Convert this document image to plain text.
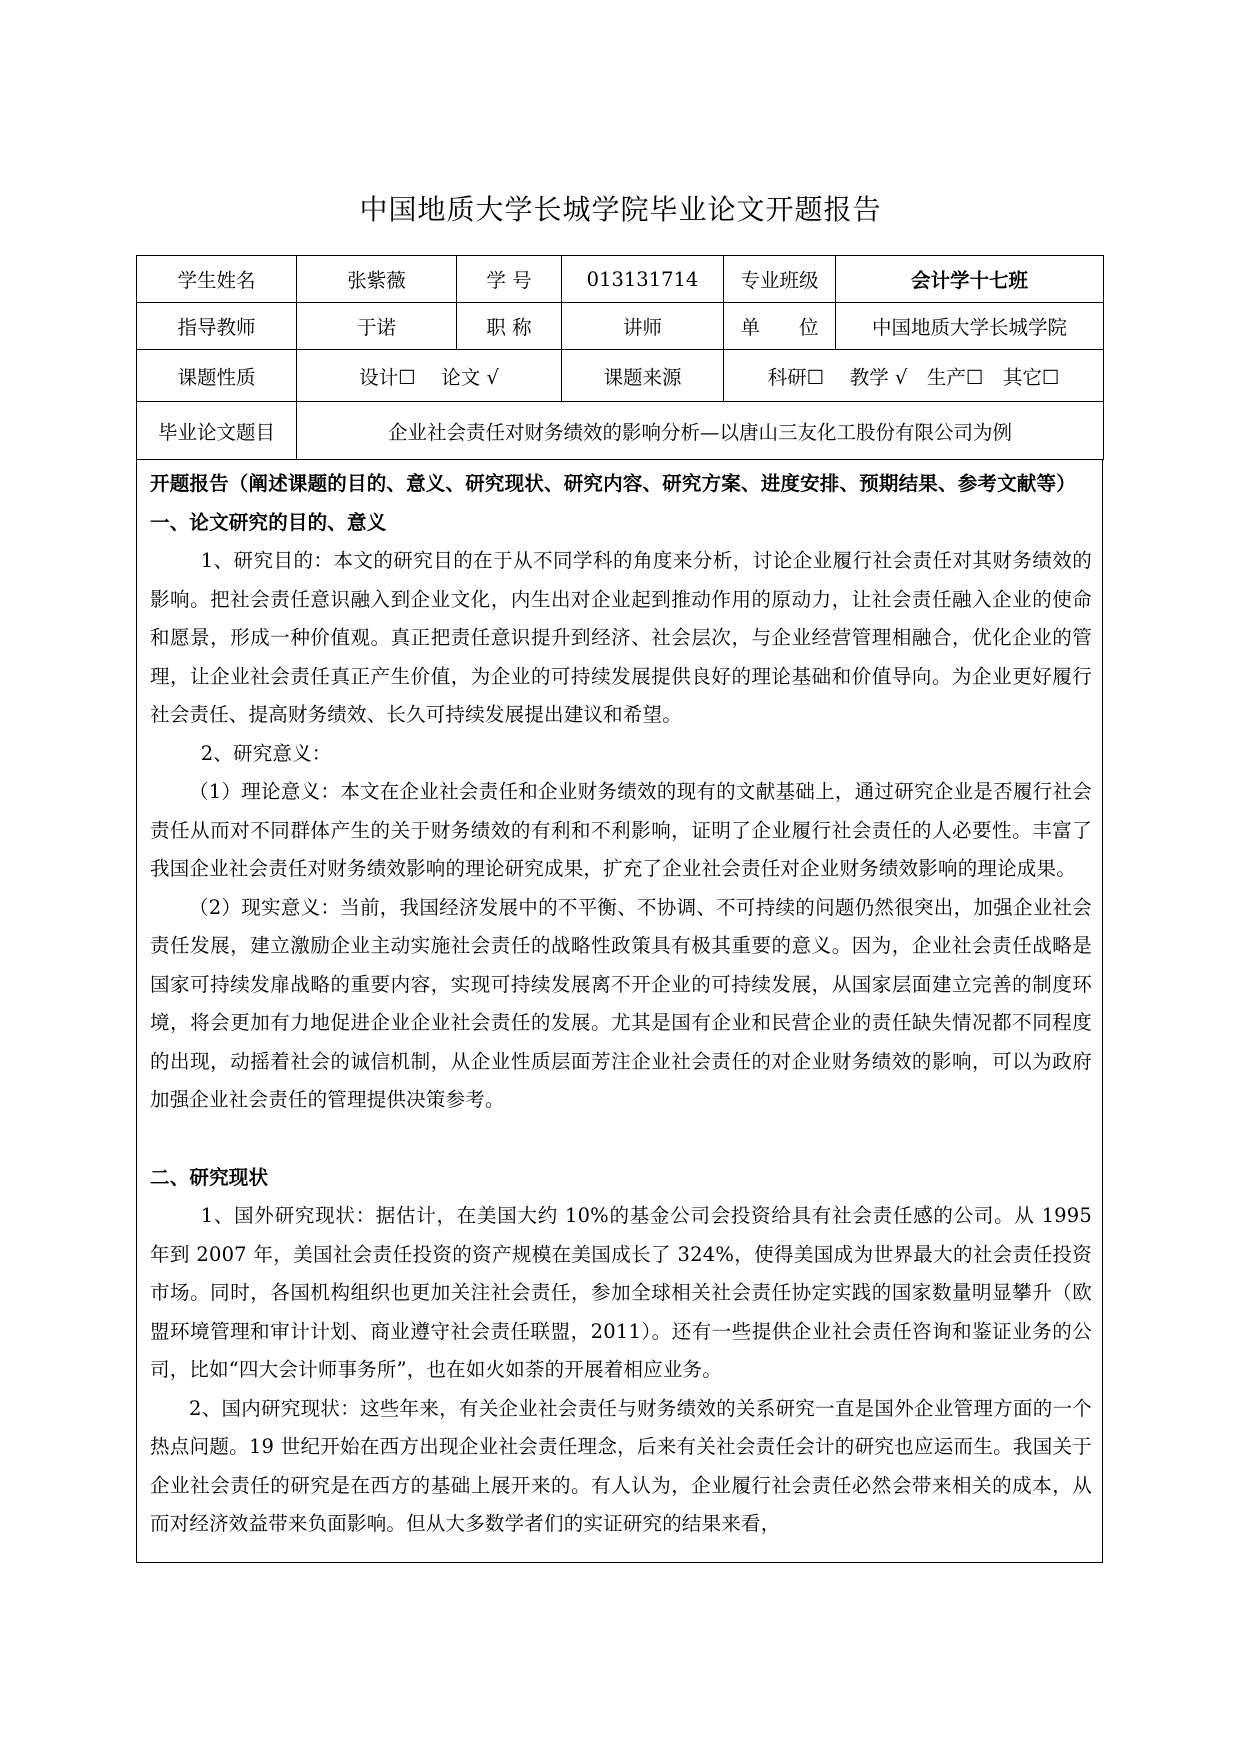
中国地质大学长城学院毕业论文开题报告
学生姓名	张紫薇	学 号	013131714	专业班级	会计学十七班
指导教师	于诺	职 称	讲师	单　　位	中国地质大学长城学院
课题性质	设计☐　 论文 √		课题来源	科研☐　 教学 √　生产☐　其它☐	
毕业论文题目	企业社会责任对财务绩效的影响分析—以唐山三友化工股份有限公司为例				

开题报告（阐述课题的目的、意义、研究现状、研究内容、研究方案、进度安排、预期结果、参考文献等）

一、论文研究的目的、意义

1、研究目的：本文的研究目的在于从不同学科的角度来分析，讨论企业履行社会责任对其财务绩效的影响。把社会责任意识融入到企业文化，内生出对企业起到推动作用的原动力，让社会责任融入企业的使命和愿景，形成一种价值观。真正把责任意识提升到经济、社会层次，与企业经营管理相融合，优化企业的管理，让企业社会责任真正产生价值，为企业的可持续发展提供良好的理论基础和价值导向。为企业更好履行社会责任、提高财务绩效、长久可持续发展提出建议和希望。

2、研究意义：

（1）理论意义：本文在企业社会责任和企业财务绩效的现有的文献基础上，通过研究企业是否履行社会责任从而对不同群体产生的关于财务绩效的有利和不利影响，证明了企业履行社会责任的人必要性。丰富了我国企业社会责任对财务绩效影响的理论研究成果，扩充了企业社会责任对企业财务绩效影响的理论成果。

（2）现实意义：当前，我国经济发展中的不平衡、不协调、不可持续的问题仍然很突出，加强企业社会责任发展，建立激励企业主动实施社会责任的战略性政策具有极其重要的意义。因为，企业社会责任战略是国家可持续发扉战略的重要内容，实现可持续发展离不开企业的可持续发展，从国家层面建立完善的制度环境，将会更加有力地促进企业企业社会责任的发展。尤其是国有企业和民营企业的责任缺失情况都不同程度的出现，动摇着社会的诚信机制，从企业性质层面芳注企业社会责任的对企业财务绩效的影响，可以为政府加强企业社会责任的管理提供决策参考。

二、研究现状

1、国外研究现状：据估计，在美国大约 10%的基金公司会投资给具有社会责任感的公司。从 1995 年到 2007 年，美国社会责任投资的资产规模在美国成长了 324%，使得美国成为世界最大的社会责任投资市场。同时，各国机构组织也更加关注社会责任，参加全球相关社会责任协定实践的国家数量明显攀升（欧盟环境管理和审计计划、商业遵守社会责任联盟，2011）。还有一些提供企业社会责任咨询和鉴证业务的公司，比如“四大会计师事务所”，也在如火如荼的开展着相应业务。

2、国内研究现状：这些年来，有关企业社会责任与财务绩效的关系研究一直是国外企业管理方面的一个热点问题。19 世纪开始在西方出现企业社会责任理念，后来有关社会责任会计的研究也应运而生。我国关于企业社会责任的研究是在西方的基础上展开来的。有人认为，企业履行社会责任必然会带来相关的成本，从而对经济效益带来负面影响。但从大多数学者们的实证研究的结果来看，
